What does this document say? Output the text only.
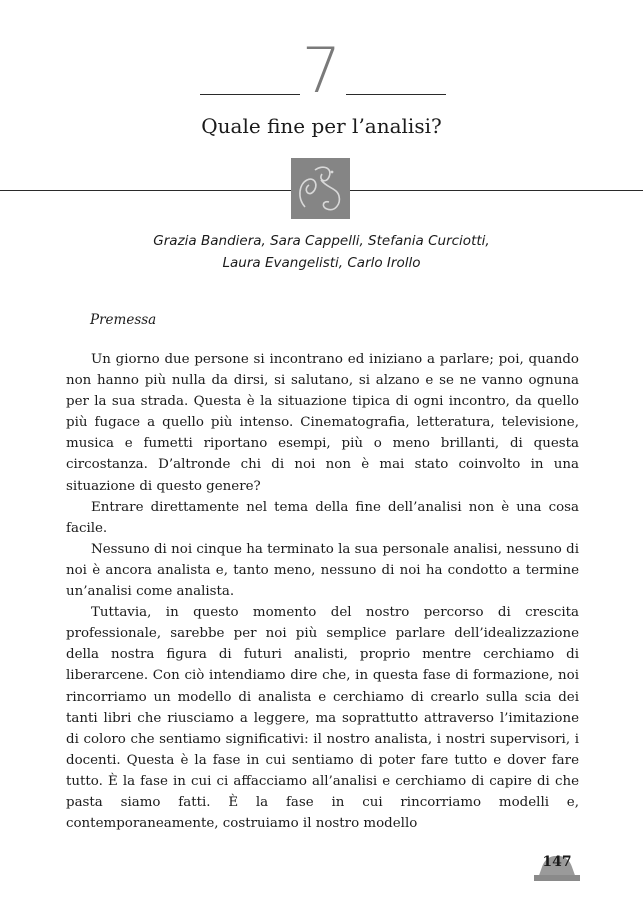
7
Quale fine per l’analisi?
Grazia Bandiera, Sara Cappelli, Stefania Curciotti,
Laura Evangelisti, Carlo Irollo
Premessa

Un giorno due persone si incontrano ed iniziano a parlare; poi, quando non hanno più nulla da dirsi, si salutano, si alzano e se ne vanno ognuna per la sua strada. Questa è la situazione tipica di ogni incontro, da quello più fugace a quello più intenso. Cinematografia, letteratura, televisione, musica e fumetti riportano esempi, più o meno brillanti, di questa circostanza. D’altronde chi di noi non è mai stato coinvolto in una situazione di questo genere?

Entrare direttamente nel tema della fine dell’analisi non è una cosa facile.

Nessuno di noi cinque ha terminato la sua personale analisi, nessuno di noi è ancora analista e, tanto meno, nessuno di noi ha condotto a termine un’analisi come analista.

Tuttavia, in questo momento del nostro percorso di crescita professionale, sarebbe per noi più semplice parlare dell’idealizzazione della nostra figura di futuri analisti, proprio mentre cerchiamo di liberarcene. Con ciò intendiamo dire che, in questa fase di formazione, noi rincorriamo un modello di analista e cerchiamo di crearlo sulla scia dei tanti libri che riusciamo a leggere, ma soprattutto attraverso l’imitazione di coloro che sentiamo significativi: il nostro analista, i nostri supervisori, i docenti. Questa è la fase in cui sentiamo di poter fare tutto e dover fare tutto. È la fase in cui ci affacciamo all’analisi e cerchiamo di capire di che pasta siamo fatti. È la fase in cui rincorriamo modelli e, contemporaneamente, costruiamo il nostro modello

147
